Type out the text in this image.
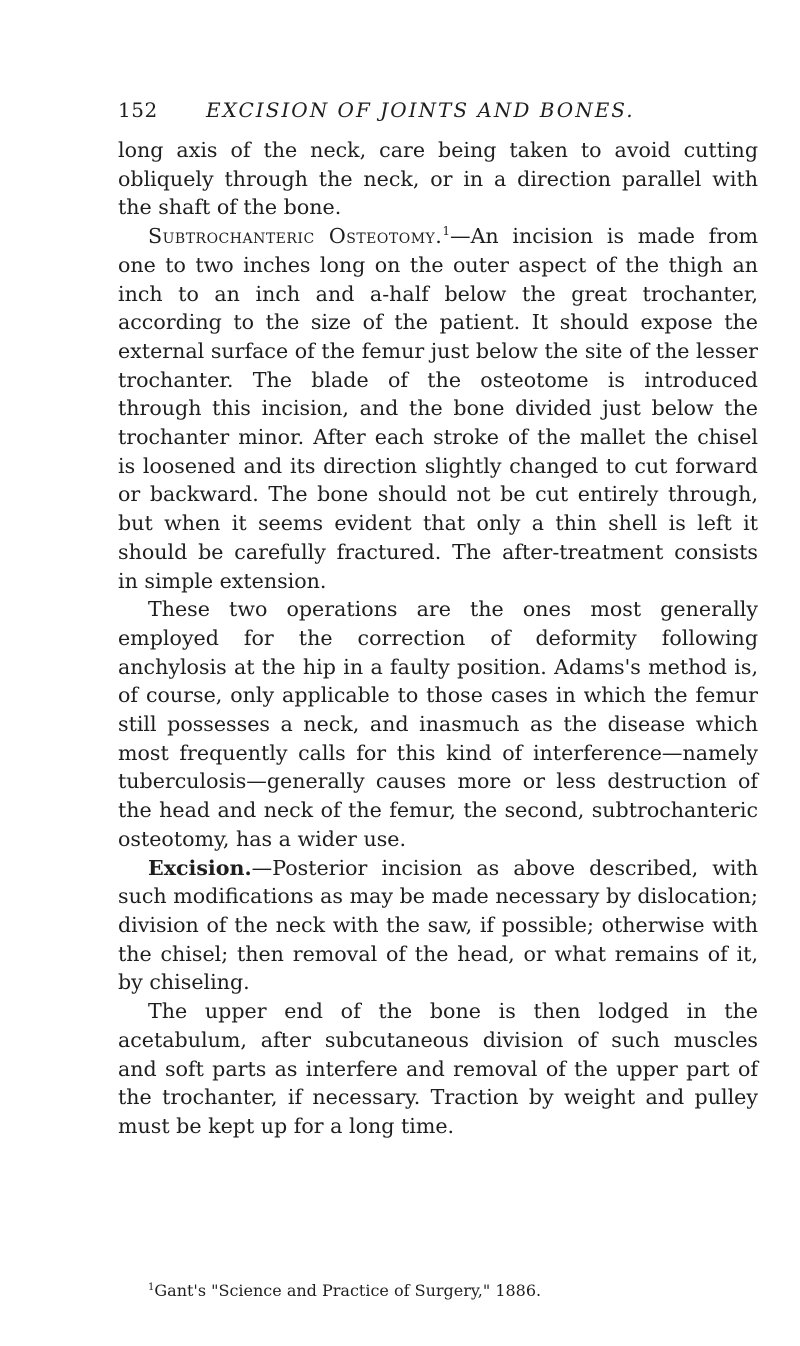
152 EXCISION OF JOINTS AND BONES.

long axis of the neck, care being taken to avoid cutting obliquely through the neck, or in a direction parallel with the shaft of the bone.

Subtrochanteric Osteotomy.$^1$—An incision is made from one to two inches long on the outer aspect of the thigh an inch to an inch and a-half below the great trochanter, according to the size of the patient. It should expose the external surface of the femur just below the site of the lesser trochanter. The blade of the osteotome is introduced through this incision, and the bone divided just below the trochanter minor. After each stroke of the mallet the chisel is loosened and its direction slightly changed to cut forward or backward. The bone should not be cut entirely through, but when it seems evident that only a thin shell is left it should be carefully fractured. The after-treatment consists in simple extension.

These two operations are the ones most generally employed for the correction of deformity following anchylosis at the hip in a faulty position. Adams's method is, of course, only applicable to those cases in which the femur still possesses a neck, and inasmuch as the disease which most frequently calls for this kind of interference—namely tuberculosis—generally causes more or less destruction of the head and neck of the femur, the second, subtrochanteric osteotomy, has a wider use.

Excision.—Posterior incision as above described, with such modifications as may be made necessary by dislocation; division of the neck with the saw, if possible; otherwise with the chisel; then removal of the head, or what remains of it, by chiseling.

The upper end of the bone is then lodged in the acetabulum, after subcutaneous division of such muscles and soft parts as interfere and removal of the upper part of the trochanter, if necessary. Traction by weight and pulley must be kept up for a long time.

$^1$Gant's "Science and Practice of Surgery," 1886.
